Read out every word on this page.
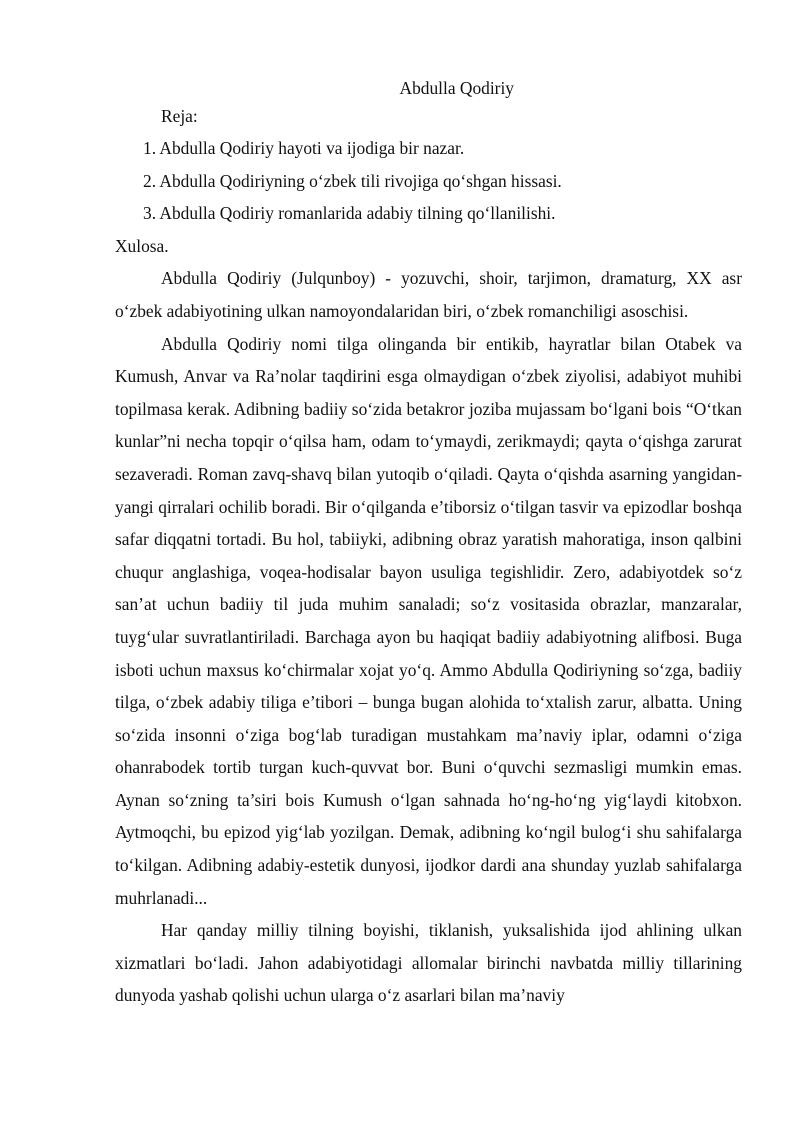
Abdulla Qodiriy

Reja:

1. Abdulla Qodiriy hayoti va ijodiga bir nazar.
2. Abdulla Qodiriyning o‘zbek tili rivojiga qo‘shgan hissasi.
3. Abdulla Qodiriy romanlarida adabiy tilning qo‘llanilishi.

Xulosa.

Abdulla Qodiriy (Julqunboy) - yozuvchi, shoir, tarjimon, dramaturg, XX asr o‘zbek adabiyotining ulkan namoyondalaridan biri, o‘zbek romanchiligi asoschisi.

Abdulla Qodiriy nomi tilga olinganda bir entikib, hayratlar bilan Otabek va Kumush, Anvar va Ra’nolar taqdirini esga olmaydigan o‘zbek ziyolisi, adabiyot muhibi topilmasa kerak. Adibning badiiy so‘zida betakror joziba mujassam bo‘lgani bois “O‘tkan kunlar”ni necha topqir o‘qilsa ham, odam to‘ymaydi, zerikmaydi; qayta o‘qishga zarurat sezaveradi. Roman zavq-shavq bilan yutoqib o‘qiladi. Qayta o‘qishda asarning yangidan-yangi qirralari ochilib boradi. Bir o‘qilganda e’tiborsiz o‘tilgan tasvir va epizodlar boshqa safar diqqatni tortadi. Bu hol, tabiiyki, adibning obraz yaratish mahoratiga, inson qalbini chuqur anglashiga, voqea-hodisalar bayon usuliga tegishlidir. Zero, adabiyotdek so‘z san’at uchun badiiy til juda muhim sanaladi; so‘z vositasida obrazlar, manzaralar, tuyg‘ular suvratlantiriladi. Barchaga ayon bu haqiqat badiiy adabiyotning alifbosi. Buga isboti uchun maxsus ko‘chirmalar xojat yo‘q. Ammo Abdulla Qodiriyning so‘zga, badiiy tilga, o‘zbek adabiy tiliga e’tibori – bunga bugan alohida to‘xtalish zarur, albatta. Uning so‘zida insonni o‘ziga bog‘lab turadigan mustahkam ma’naviy iplar, odamni o‘ziga ohanrabodek tortib turgan kuch-quvvat bor. Buni o‘quvchi sezmasligi mumkin emas. Aynan so‘zning ta’siri bois Kumush o‘lgan sahnada ho‘ng-ho‘ng yig‘laydi kitobxon. Aytmoqchi, bu epizod yig‘lab yozilgan. Demak, adibning ko‘ngil bulog‘i shu sahifalarga to‘kilgan. Adibning adabiy-estetik dunyosi, ijodkor dardi ana shunday yuzlab sahifalarga muhrlanadi...

Har qanday milliy tilning boyishi, tiklanish, yuksalishida ijod ahlining ulkan xizmatlari bo‘ladi. Jahon adabiyotidagi allomalar birinchi navbatda milliy tillarining dunyoda yashab qolishi uchun ularga o‘z asarlari bilan ma’naviy
